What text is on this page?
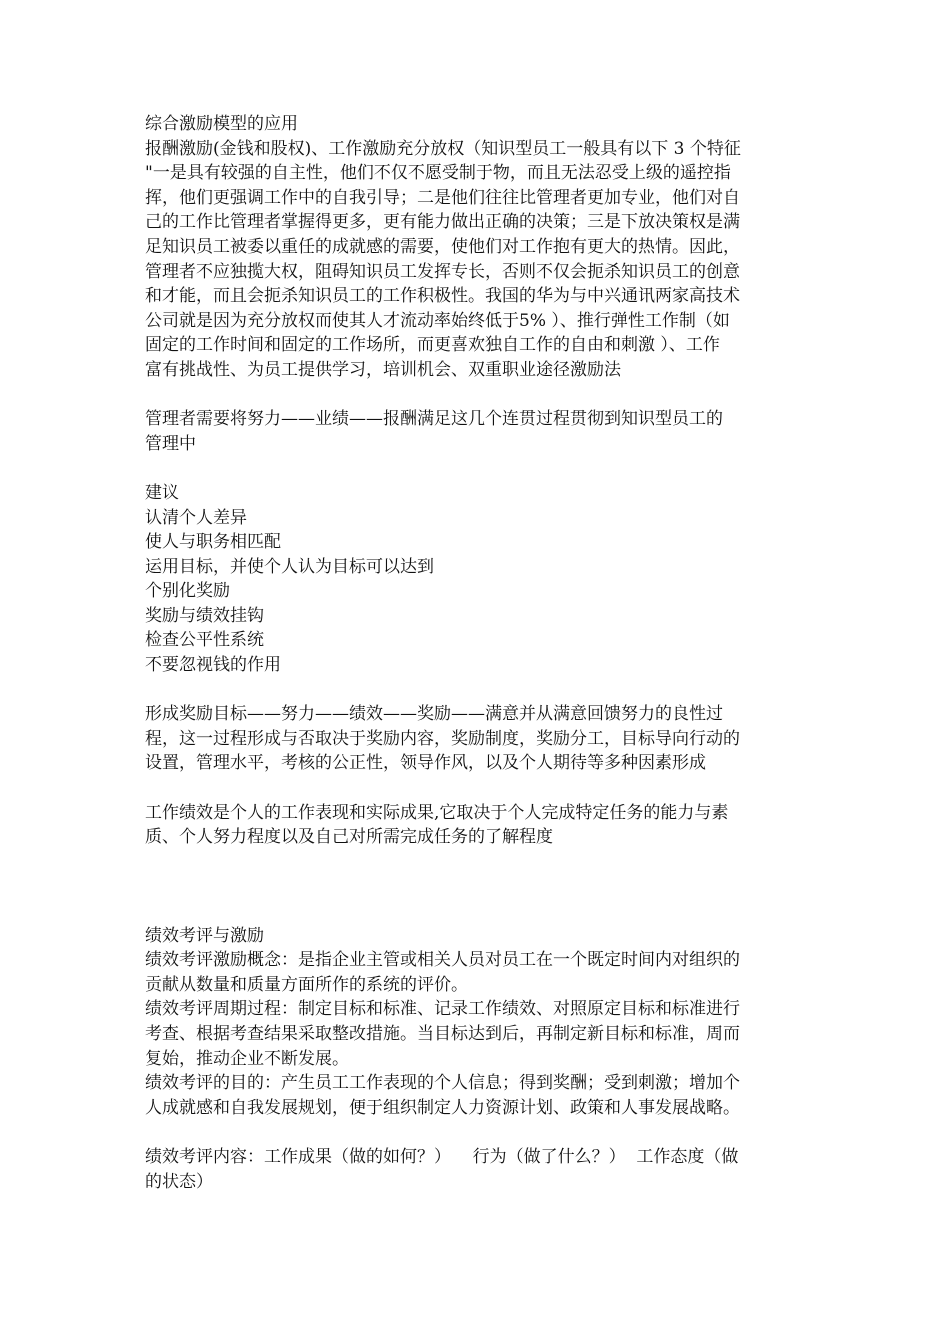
综合激励模型的应用

报酬激励(金钱和股权)、工作激励充分放权（知识型员工一般具有以下 3 个特征

"一是具有较强的自主性，他们不仅不愿受制于物，而且无法忍受上级的遥控指

挥，他们更强调工作中的自我引导；二是他们往往比管理者更加专业，他们对自

己的工作比管理者掌握得更多，更有能力做出正确的决策；三是下放决策权是满

足知识员工被委以重任的成就感的需要，使他们对工作抱有更大的热情。因此，

管理者不应独揽大权，阻碍知识员工发挥专长，否则不仅会扼杀知识员工的创意

和才能，而且会扼杀知识员工的工作积极性。我国的华为与中兴通讯两家高技术

公司就是因为充分放权而使其人才流动率始终低于5% ）、推行弹性工作制（如

固定的工作时间和固定的工作场所，而更喜欢独自工作的自由和刺激 ）、工作

富有挑战性、为员工提供学习，培训机会、双重职业途径激励法

管理者需要将努力——业绩——报酬满足这几个连贯过程贯彻到知识型员工的

管理中

建议

认清个人差异

使人与职务相匹配

运用目标，并使个人认为目标可以达到

个别化奖励

奖励与绩效挂钩

检查公平性系统

不要忽视钱的作用

形成奖励目标——努力——绩效——奖励——满意并从满意回馈努力的良性过

程，这一过程形成与否取决于奖励内容，奖励制度，奖励分工，目标导向行动的

设置，管理水平，考核的公正性，领导作风，以及个人期待等多种因素形成

工作绩效是个人的工作表现和实际成果,它取决于个人完成特定任务的能力与素

质、个人努力程度以及自己对所需完成任务的了解程度

绩效考评与激励

绩效考评激励概念：是指企业主管或相关人员对员工在一个既定时间内对组织的

贡献从数量和质量方面所作的系统的评价。

绩效考评周期过程：制定目标和标准、记录工作绩效、对照原定目标和标准进行

考查、根据考查结果采取整改措施。当目标达到后，再制定新目标和标准，周而

复始，推动企业不断发展。

绩效考评的目的：产生员工工作表现的个人信息；得到奖酬；受到刺激；增加个

人成就感和自我发展规划，便于组织制定人力资源计划、政策和人事发展战略。

绩效考评内容：工作成果（做的如何？）    行为（做了什么？）  工作态度（做

的状态）
